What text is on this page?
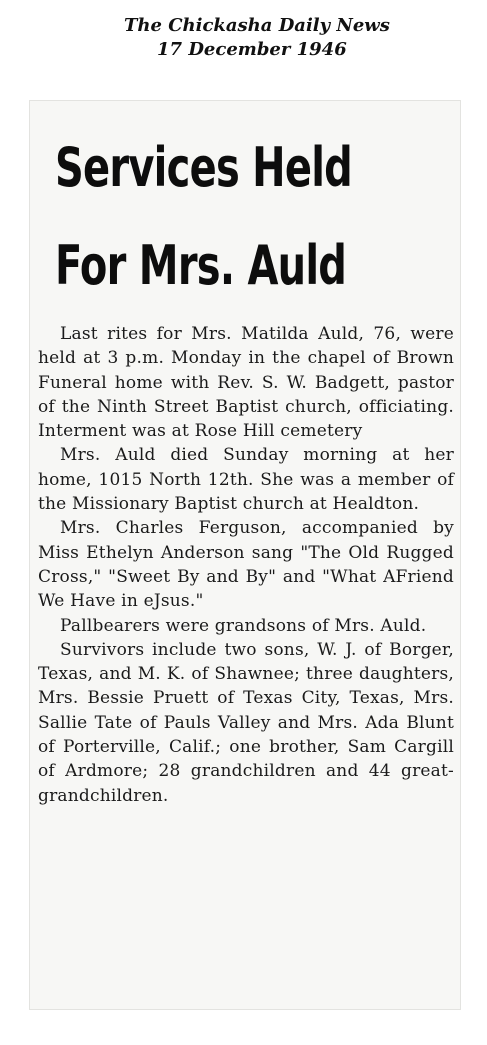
The Chickasha Daily News
17 December 1946
Services Held
For Mrs. Auld

Last rites for Mrs. Matilda Auld, 76, were held at 3 p.m. Monday in the chapel of Brown Funeral home with Rev. S. W. Badgett, pastor of the Ninth Street Baptist church, officiating. Interment was at Rose Hill cemetery

Mrs. Auld died Sunday morning at her home, 1015 North 12th. She was a member of the Missionary Baptist church at Healdton.

Mrs. Charles Ferguson, accompanied by Miss Ethelyn Anderson sang "The Old Rugged Cross," "Sweet By and By" and "What AFriend We Have in eJsus."

Pallbearers were grandsons of Mrs. Auld.

Survivors include two sons, W. J. of Borger, Texas, and M. K. of Shawnee; three daughters, Mrs. Bessie Pruett of Texas City, Texas, Mrs. Sallie Tate of Pauls Valley and Mrs. Ada Blunt of Porterville, Calif.; one brother, Sam Cargill of Ardmore; 28 grandchildren and 44 great-grandchildren.
